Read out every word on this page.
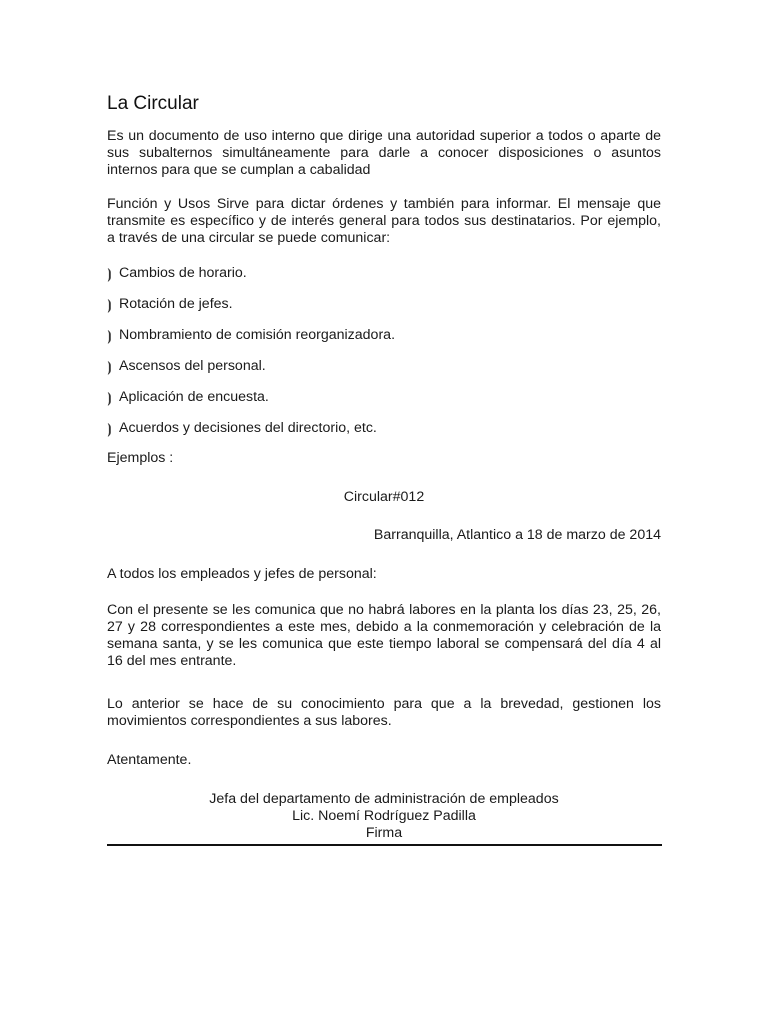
La Circular

Es un documento de uso interno que dirige una autoridad superior a todos o aparte de sus subalternos simultáneamente para darle a conocer disposiciones o asuntos internos para que se cumplan a cabalidad

Función y Usos Sirve para dictar órdenes y también para informar. El mensaje que transmite es específico y de interés general para todos sus destinatarios. Por ejemplo, a través de una circular se puede comunicar:

⦘ Cambios de horario.
⦘ Rotación de jefes.
⦘ Nombramiento de comisión reorganizadora.
⦘ Ascensos del personal.
⦘ Aplicación de encuesta.
⦘ Acuerdos y decisiones del directorio, etc.
Ejemplos :
Circular#012
Barranquilla, Atlantico a 18 de marzo de 2014
A todos los empleados y jefes de personal:

Con el presente se les comunica que no habrá labores en la planta los días 23, 25, 26, 27 y 28 correspondientes a este mes, debido a la conmemoración y celebración de la semana santa, y se les comunica que este tiempo laboral se compensará del día 4 al 16 del mes entrante.

Lo anterior se hace de su conocimiento para que a la brevedad, gestionen los movimientos correspondientes a sus labores.

Atentamente.
Jefa del departamento de administración de empleados
Lic. Noemí Rodríguez Padilla
Firma
